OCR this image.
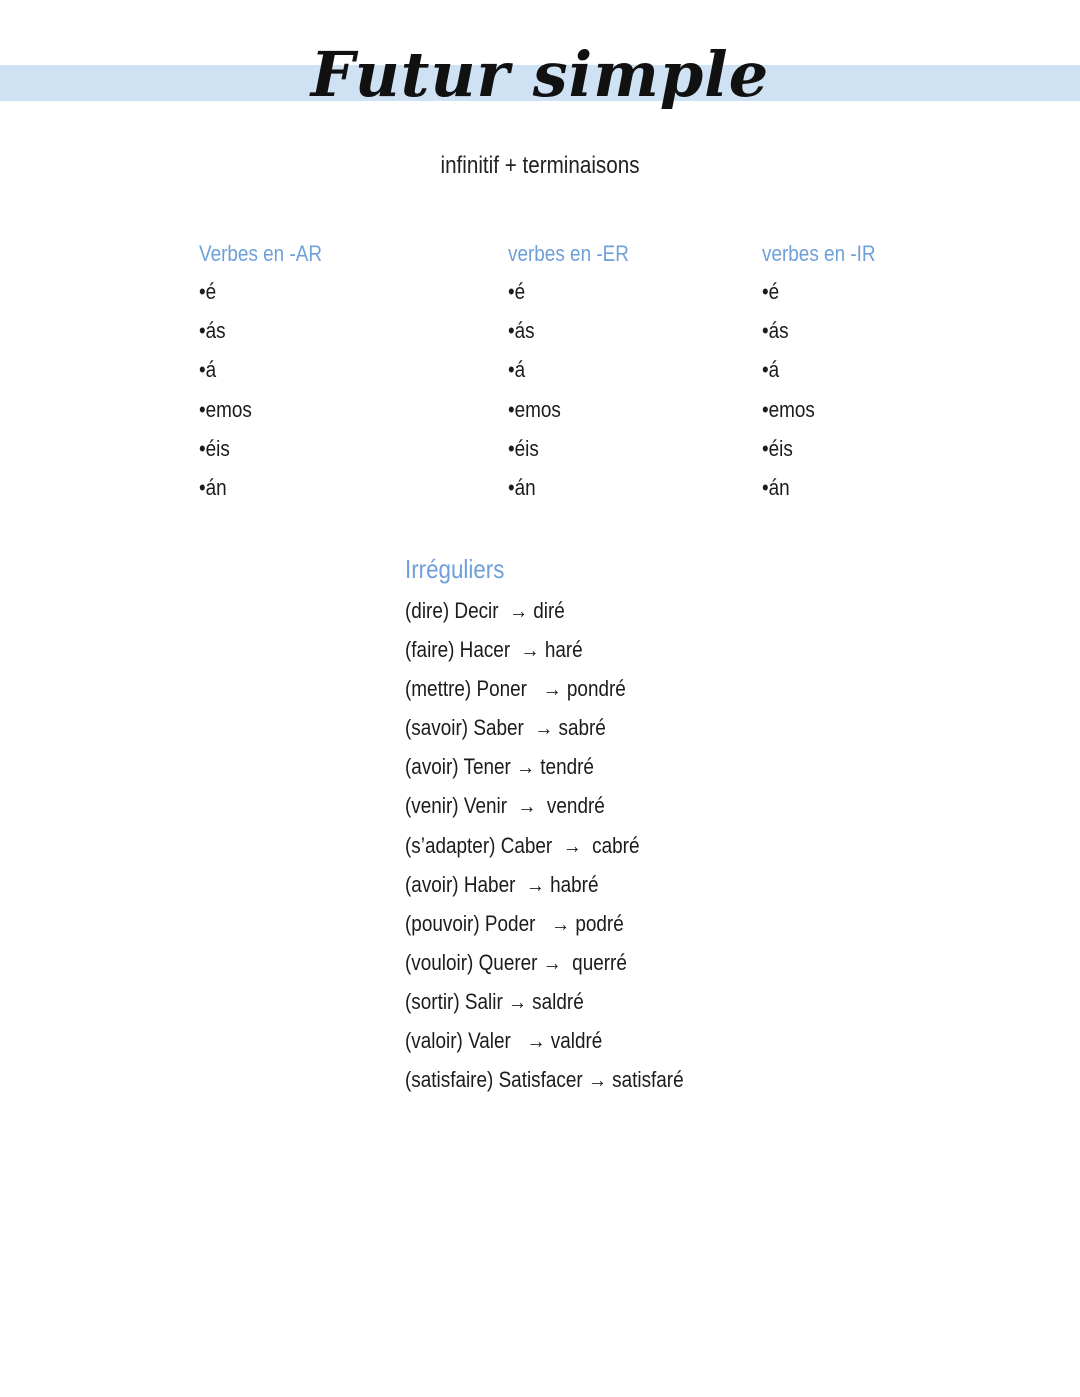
Futur simple
infinitif + terminaisons
Verbes en -AR
•é
•ás
•á
•emos
•éis
•án
verbes en -ER
•é
•ás
•á
•emos
•éis
•án
verbes en -IR
•é
•ás
•á
•emos
•éis
•án
Irréguliers
(dire) Decir  → diré
(faire) Hacer  → haré
(mettre) Poner   → pondré
(savoir) Saber  → sabré
(avoir) Tener → tendré
(venir) Venir  →  vendré
(s’adapter) Caber  →  cabré
(avoir) Haber  → habré
(pouvoir) Poder   → podré
(vouloir) Querer →  querré
(sortir) Salir → saldré
(valoir) Valer   → valdré
(satisfaire) Satisfacer → satisfaré
